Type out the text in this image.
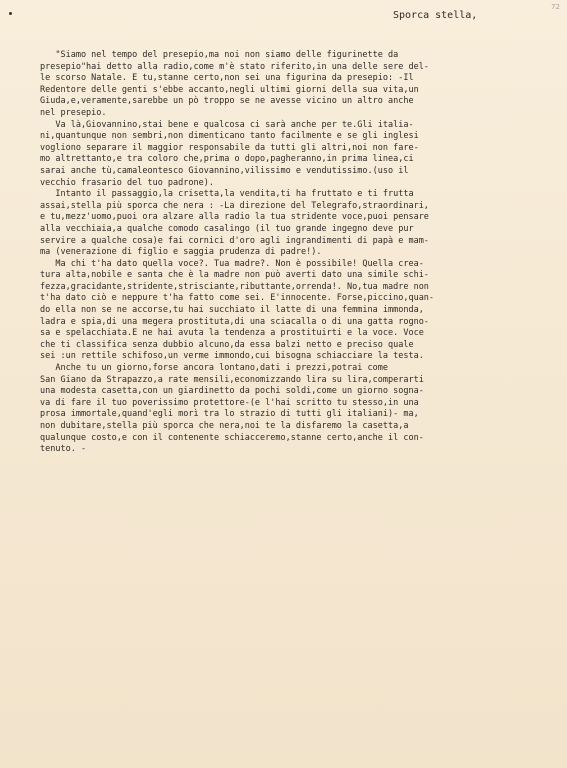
72

Sporca stella,

"Siamo nel tempo del presepio,ma noi non siamo delle figurinette da
presepio"hai detto alla radio,come m'è stato riferito,in una delle sere del-
le scorso Natale. E tu,stanne certo,non sei una figurina da presepio: -Il
Redentore delle genti s'ebbe accanto,negli ultimi giorni della sua vita,un
Giuda,e,veramente,sarebbe un pò troppo se ne avesse vicino un altro anche
nel presepio.

Va là,Giovannino,stai bene e qualcosa ci sarà anche per te.Gli italia-
ni,quantunque non sembri,non dimenticano tanto facilmente e se gli inglesi
vogliono separare il maggior responsabile da tutti gli altri,noi non fare-
mo altrettanto,e tra coloro che,prima o dopo,pagheranno,in prima linea,ci
sarai anche tù,camaleontesco Giovannino,vilissimo e vendutissimo.(uso il
vecchio frasario del tuo padrone).

Intanto il passaggio,la crisetta,la vendita,ti ha fruttato e ti frutta
assai,stella più sporca che nera : -La direzione del Telegrafo,straordinari,
e tu,mezz'uomo,puoi ora alzare alla radio la tua stridente voce,puoi pensare
alla vecchiaia,a qualche comodo casalingo (il tuo grande ingegno deve pur
servire a qualche cosa)e fai cornici d'oro agli ingrandimenti di papà e mam-
ma (venerazione di figlio e saggia prudenza di padre!).

Ma chi t'ha dato quella voce?. Tua madre?. Non è possibile! Quella crea-
tura alta,nobile e santa che è la madre non può averti dato una simile schi-
fezza,gracidante,stridente,strisciante,ributtante,orrenda!. No,tua madre non
t'ha dato ciò e neppure t'ha fatto come sei. E'innocente. Forse,piccino,quan-
do ella non se ne accorse,tu hai succhiato il latte di una femmina immonda,
ladra e spia,di una megera prostituta,di una sciacalla o di una gatta rogno-
sa e spelacchiata.E ne hai avuta la tendenza a prostituirti e la voce. Voce
che ti classifica senza dubbio alcuno,da essa balzi netto e preciso quale
sei :un rettile schifoso,un verme immondo,cui bisogna schiacciare la testa.

Anche tu un giorno,forse ancora lontano,dati i prezzi,potrai come
San Giano da Strapazzo,a rate mensili,economizzando lira su lira,comperarti
una modesta casetta,con un giardinetto da pochi soldi,come un giorno sogna-
va di fare il tuo poverissimo protettore-(e l'hai scritto tu stesso,in una
prosa immortale,quand'egli morì tra lo strazio di tutti gli italiani)- ma,
non dubitare,stella più sporca che nera,noi te la disfaremo la casetta,a
qualunque costo,e con il contenente schiacceremo,stanne certo,anche il con-
tenuto. -
